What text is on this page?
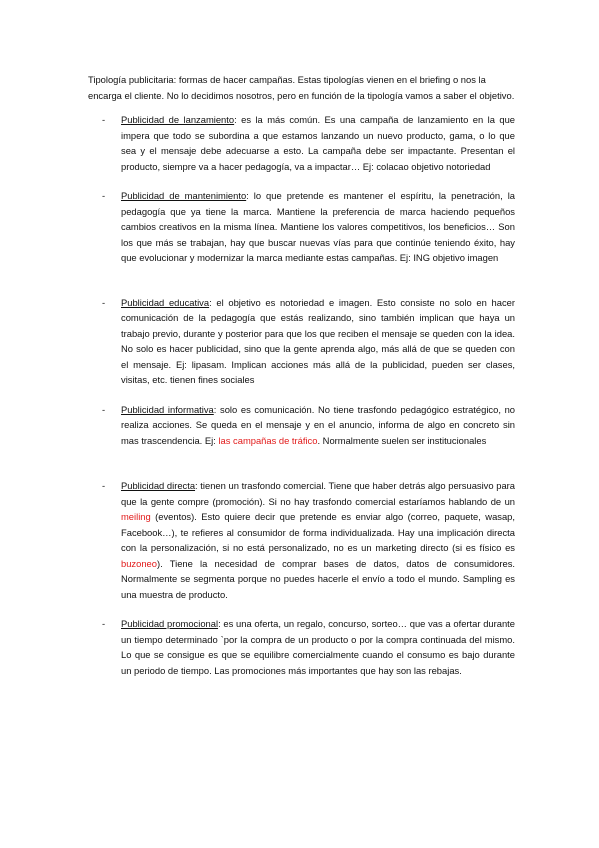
Tipología publicitaria: formas de hacer campañas. Estas tipologías vienen en el briefing o nos la encarga el cliente. No lo decidimos nosotros, pero en función de la tipología vamos a saber el objetivo.

- Publicidad de lanzamiento: es la más común. Es una campaña de lanzamiento en la que impera que todo se subordina a que estamos lanzando un nuevo producto, gama, o lo que sea y el mensaje debe adecuarse a esto. La campaña debe ser impactante. Presentan el producto, siempre va a hacer pedagogía, va a impactar… Ej: colacao objetivo notoriedad
- Publicidad de mantenimiento: lo que pretende es mantener el espíritu, la penetración, la pedagogía que ya tiene la marca. Mantiene la preferencia de marca haciendo pequeños cambios creativos en la misma línea. Mantiene los valores competitivos, los beneficios… Son los que más se trabajan, hay que buscar nuevas vías para que continúe teniendo éxito, hay que evolucionar y modernizar la marca mediante estas campañas. Ej: ING objetivo imagen
- Publicidad educativa: el objetivo es notoriedad e imagen. Esto consiste no solo en hacer comunicación de la pedagogía que estás realizando, sino también implican que haya un trabajo previo, durante y posterior para que los que reciben el mensaje se queden con la idea. No solo es hacer publicidad, sino que la gente aprenda algo, más allá de que se queden con el mensaje. Ej: lipasam. Implican acciones más allá de la publicidad, pueden ser clases, visitas, etc. tienen fines sociales
- Publicidad informativa: solo es comunicación. No tiene trasfondo pedagógico estratégico, no realiza acciones. Se queda en el mensaje y en el anuncio, informa de algo en concreto sin mas trascendencia. Ej: las campañas de tráfico. Normalmente suelen ser institucionales
- Publicidad directa: tienen un trasfondo comercial. Tiene que haber detrás algo persuasivo para que la gente compre (promoción). Si no hay trasfondo comercial estaríamos hablando de un meiling (eventos). Esto quiere decir que pretende es enviar algo (correo, paquete, wasap, Facebook…), te refieres al consumidor de forma individualizada. Hay una implicación directa con la personalización, si no está personalizado, no es un marketing directo (si es físico es buzoneo). Tiene la necesidad de comprar bases de datos, datos de consumidores. Normalmente se segmenta porque no puedes hacerle el envío a todo el mundo. Sampling es una muestra de producto.
- Publicidad promocional: es una oferta, un regalo, concurso, sorteo… que vas a ofertar durante un tiempo determinado `por la compra de un producto o por la compra continuada del mismo. Lo que se consigue es que se equilibre comercialmente cuando el consumo es bajo durante un periodo de tiempo. Las promociones más importantes que hay son las rebajas.
